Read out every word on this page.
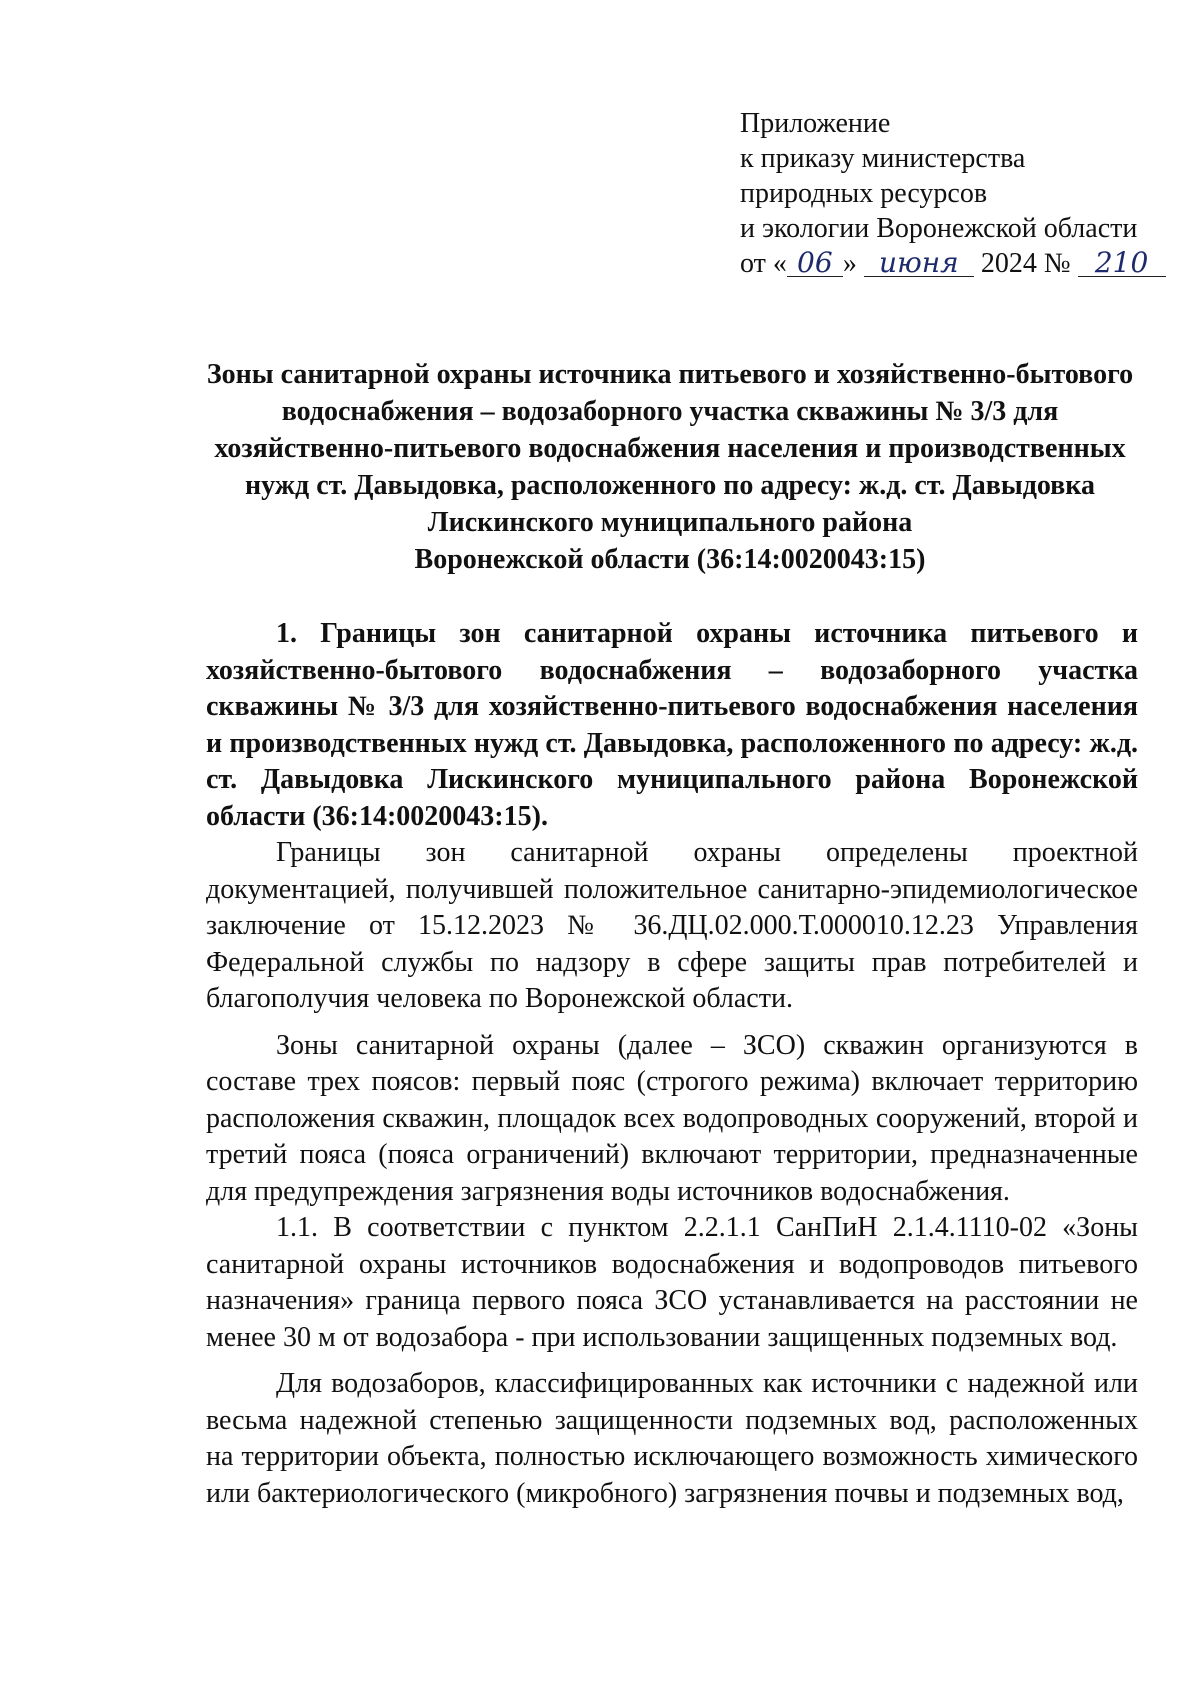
Приложение
к приказу министерства
природных ресурсов
и экологии Воронежской области
от « 06 » июня 2024 № 210
Зоны санитарной охраны источника питьевого и хозяйственно-бытового
водоснабжения – водозаборного участка скважины № 3/3 для
хозяйственно-питьевого водоснабжения населения и производственных
нужд ст. Давыдовка, расположенного по адресу: ж.д. ст. Давыдовка
Лискинского муниципального района
Воронежской области (36:14:0020043:15)

1. Границы зон санитарной охраны источника питьевого и хозяйственно-бытового водоснабжения – водозаборного участка скважины № 3/3 для хозяйственно-питьевого водоснабжения населения и производственных нужд ст. Давыдовка, расположенного по адресу: ж.д. ст. Давыдовка Лискинского муниципального района Воронежской области (36:14:0020043:15).

Границы зон санитарной охраны определены проектной документацией, получившей положительное санитарно-эпидемиологическое заключение от 15.12.2023 № 36.ДЦ.02.000.Т.000010.12.23 Управления Федеральной службы по надзору в сфере защиты прав потребителей и благополучия человека по Воронежской области.

Зоны санитарной охраны (далее – ЗСО) скважин организуются в составе трех поясов: первый пояс (строгого режима) включает территорию расположения скважин, площадок всех водопроводных сооружений, второй и третий пояса (пояса ограничений) включают территории, предназначенные для предупреждения загрязнения воды источников водоснабжения.

1.1. В соответствии с пунктом 2.2.1.1 СанПиН 2.1.4.1110-02 «Зоны санитарной охраны источников водоснабжения и водопроводов питьевого назначения» граница первого пояса ЗСО устанавливается на расстоянии не менее 30 м от водозабора - при использовании защищенных подземных вод.

Для водозаборов, классифицированных как источники с надежной или весьма надежной степенью защищенности подземных вод, расположенных на территории объекта, полностью исключающего возможность химического или бактериологического (микробного) загрязнения почвы и подземных вод,
